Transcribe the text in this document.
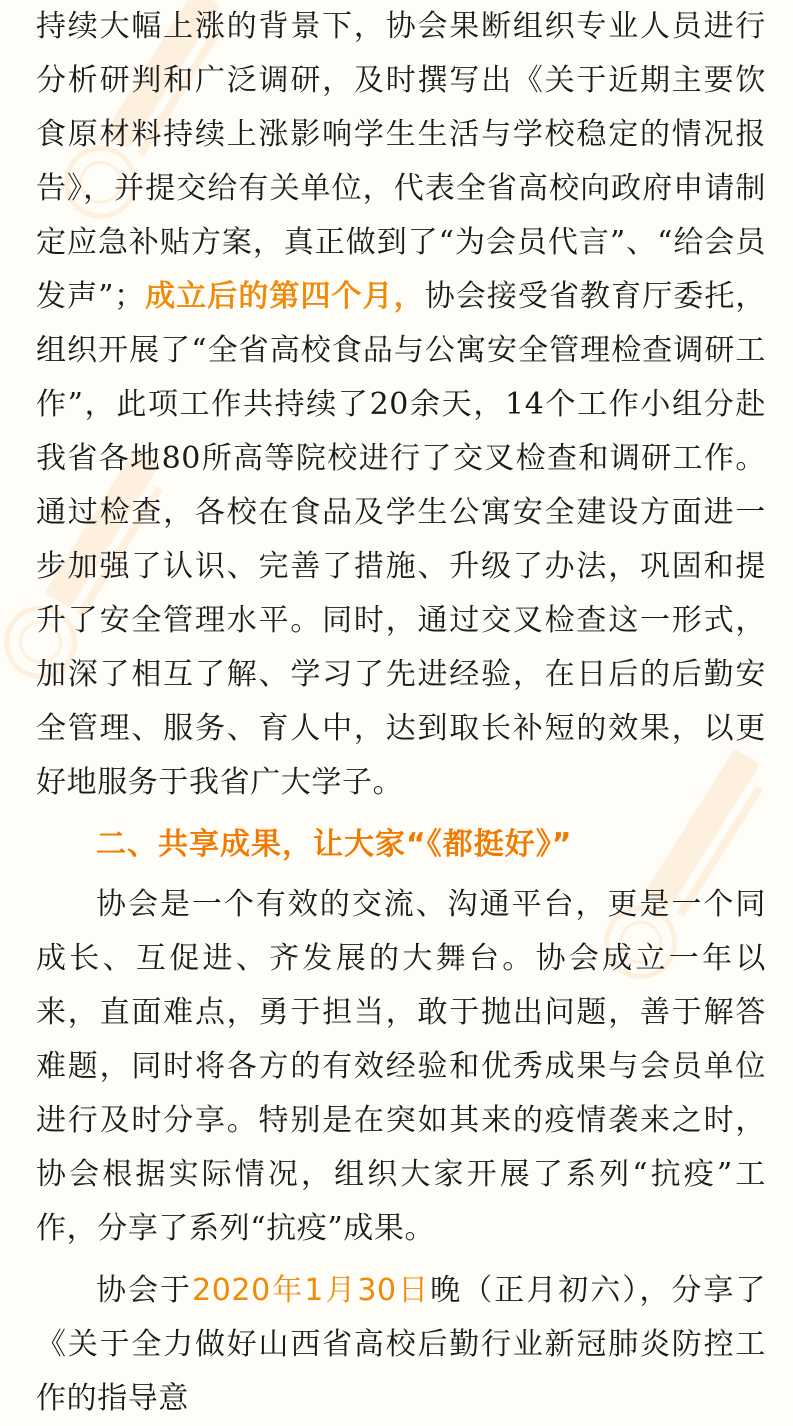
持续大幅上涨的背景下，协会果断组织专业人员进行分析研判和广泛调研，及时撰写出《关于近期主要饮食原材料持续上涨影响学生生活与学校稳定的情况报告》，并提交给有关单位，代表全省高校向政府申请制定应急补贴方案，真正做到了“为会员代言”、“给会员发声”；成立后的第四个月，协会接受省教育厅委托，组织开展了“全省高校食品与公寓安全管理检查调研工作”，此项工作共持续了20余天，14个工作小组分赴我省各地80所高等院校进行了交叉检查和调研工作。通过检查，各校在食品及学生公寓安全建设方面进一步加强了认识、完善了措施、升级了办法，巩固和提升了安全管理水平。同时，通过交叉检查这一形式，加深了相互了解、学习了先进经验，在日后的后勤安全管理、服务、育人中，达到取长补短的效果，以更好地服务于我省广大学子。

二、共享成果，让大家“《都挺好》”

协会是一个有效的交流、沟通平台，更是一个同成长、互促进、齐发展的大舞台。协会成立一年以来，直面难点，勇于担当，敢于抛出问题，善于解答难题，同时将各方的有效经验和优秀成果与会员单位进行及时分享。特别是在突如其来的疫情袭来之时，协会根据实际情况，组织大家开展了系列“抗疫”工作，分享了系列“抗疫”成果。

协会于2020年1月30日晚（正月初六），分享了《关于全力做好山西省高校后勤行业新冠肺炎防控工作的指导意
